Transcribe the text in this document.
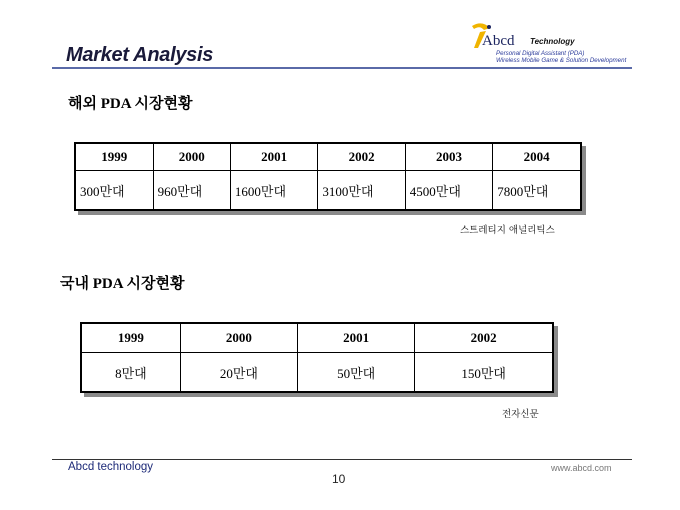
Market Analysis
Abcd Technology
Personal Digital Assistant (PDA)
Wireless Mobile Game & Solution Development
해외 PDA 시장현황
1999	2000	2001	2002	2003	2004
300만대	960만대	1600만대	3100만대	4500만대	7800만대
스트레티지 애널리틱스
국내 PDA 시장현황
1999	2000	2001	2002
8만대	20만대	50만대	150만대
전자신문
Abcd technology
10
www.abcd.com
